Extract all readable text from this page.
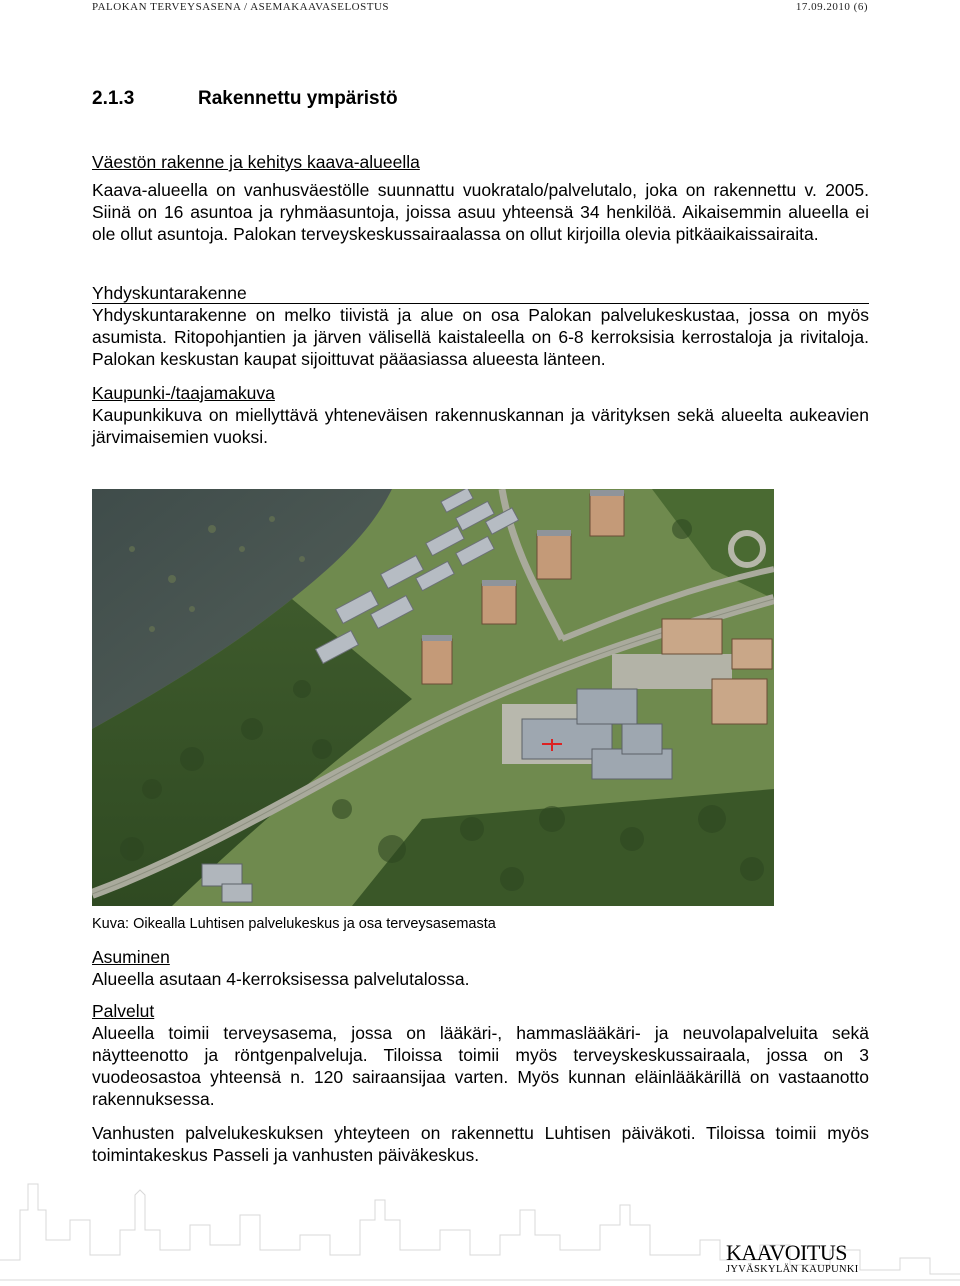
PALOKAN TERVEYSASENA / ASEMAKAAVASELOSTUS	17.09.2010 (6)
2.1.3	Rakennettu ympäristö
Väestön rakenne ja kehitys kaava-alueella

Kaava-alueella on vanhusväestölle suunnattu vuokratalo/palvelutalo, joka on rakennettu v. 2005. Siinä on 16 asuntoa ja ryhmäasuntoja, joissa asuu yhteensä 34 henkilöä. Aikaisemmin alueella ei ole ollut asuntoja. Palokan terveyskeskussairaalassa on ollut kirjoilla olevia pitkäaikaissairaita.

Yhdyskuntarakenne

Yhdyskuntarakenne on melko tiivistä ja alue on osa Palokan palvelukeskustaa, jossa on myös asumista. Ritopohjantien ja järven välisellä kaistaleella on 6-8 kerroksisia kerrostaloja ja rivitaloja. Palokan keskustan kaupat sijoittuvat pääasiassa alueesta länteen.

Kaupunki-/taajamakuva

Kaupunkikuva on miellyttävä yhteneväisen rakennuskannan ja värityksen sekä alueelta aukeavien järvimaisemien vuoksi.

Kuva: Oikealla Luhtisen palvelukeskus ja osa terveysasemasta
Asuminen

Alueella asutaan 4-kerroksisessa palvelutalossa.

Palvelut

Alueella toimii terveysasema, jossa on lääkäri-, hammaslääkäri- ja neuvolapalveluita sekä näytteenotto ja röntgenpalveluja. Tiloissa toimii myös terveyskeskussairaala, jossa on 3 vuodeosastoa yhteensä n. 120 sairaansijaa varten. Myös kunnan eläinlääkärillä on vastaanotto rakennuksessa.

Vanhusten palvelukeskuksen yhteyteen on rakennettu Luhtisen päiväkoti. Tiloissa toimii myös toimintakeskus Passeli ja vanhusten päiväkeskus.

KAAVOITUS
JYVÄSKYLÄN KAUPUNKI
